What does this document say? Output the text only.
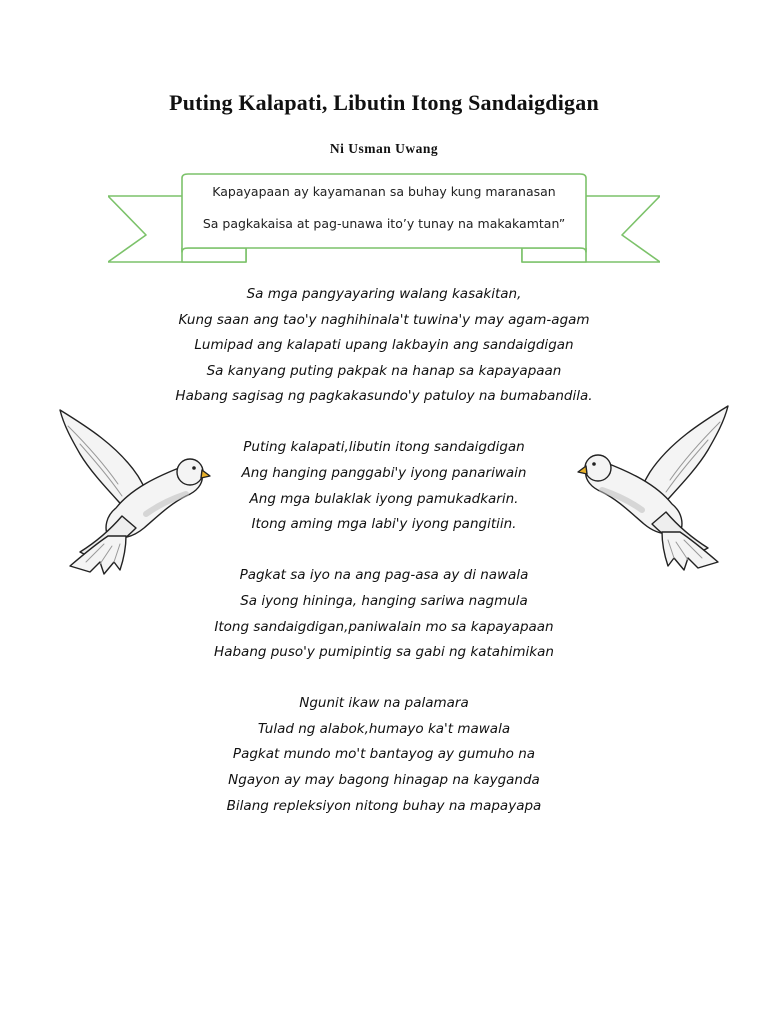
Puting Kalapati, Libutin Itong Sandaigdigan
Ni Usman Uwang
Kapayapaan ay kayamanan sa buhay kung maranasan
Sa pagkakaisa at pag-unawa ito’y tunay na makakamtan”
Sa mga pangyayaring walang kasakitan,
Kung saan ang tao'y naghihinala't tuwina'y may agam-agam
Lumipad ang kalapati upang lakbayin ang sandaigdigan
Sa kanyang puting pakpak na hanap sa kapayapaan
Habang sagisag ng pagkakasundo'y patuloy na bumabandila.
Puting kalapati,libutin itong sandaigdigan
Ang hanging panggabi'y iyong panariwain
Ang mga bulaklak iyong pamukadkarin.
Itong aming mga labi'y iyong pangitiin.
Pagkat sa iyo na ang pag-asa ay di nawala
Sa iyong hininga, hanging sariwa nagmula
Itong sandaigdigan,paniwalain mo sa kapayapaan
Habang puso'y pumipintig sa gabi ng katahimikan
Ngunit ikaw na palamara
Tulad ng alabok,humayo ka't mawala
Pagkat mundo mo't bantayog ay gumuho na
Ngayon ay may bagong hinagap na kayganda
Bilang repleksiyon nitong buhay na mapayapa
